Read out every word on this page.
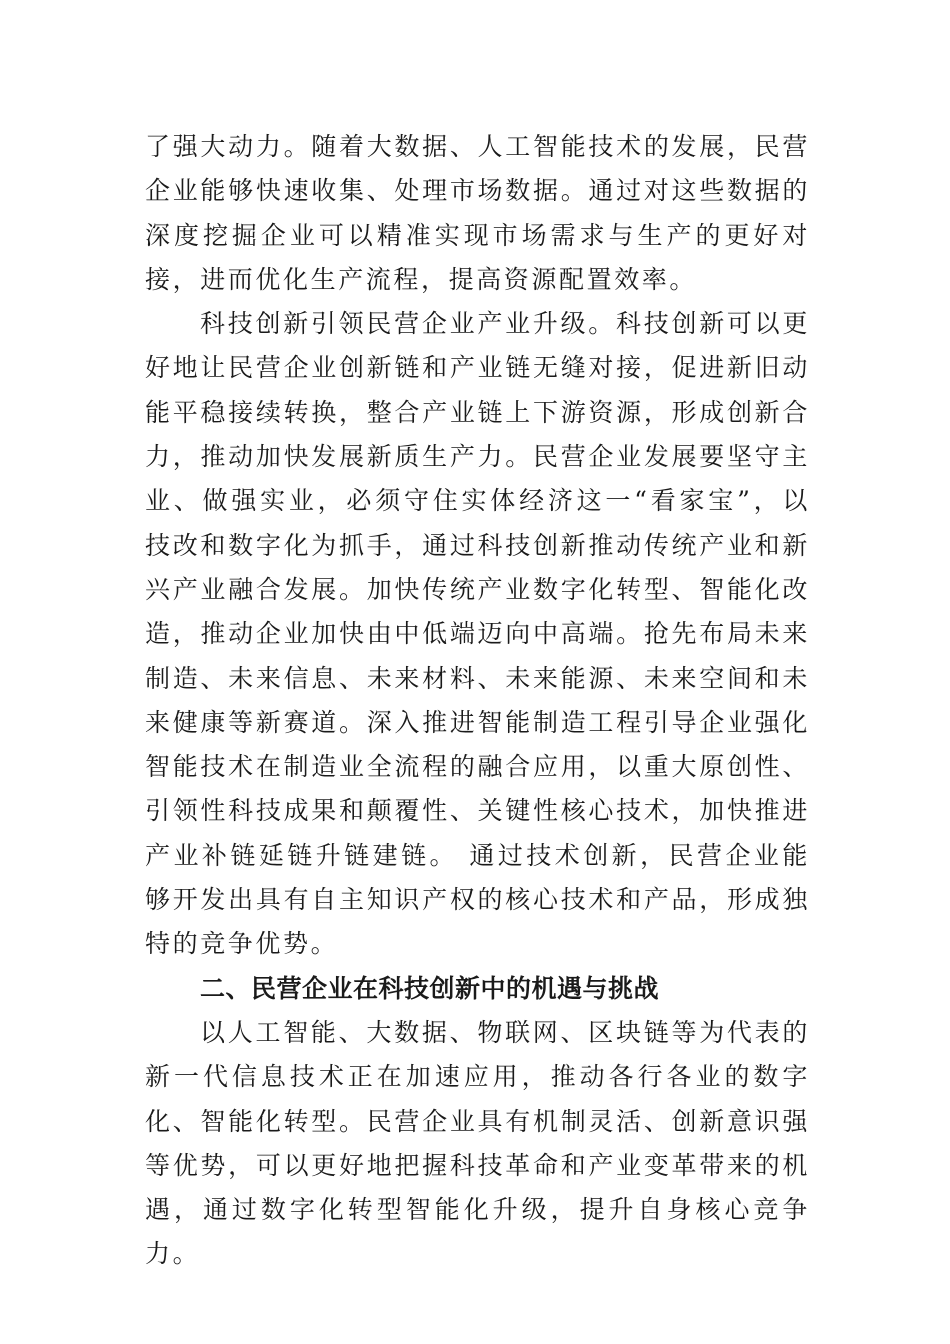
了强大动力。随着大数据、人工智能技术的发展，民营企业能够快速收集、处理市场数据。通过对这些数据的深度挖掘企业可以精准实现市场需求与生产的更好对接，进而优化生产流程，提高资源配置效率。

科技创新引领民营企业产业升级。科技创新可以更好地让民营企业创新链和产业链无缝对接，促进新旧动能平稳接续转换，整合产业链上下游资源，形成创新合力，推动加快发展新质生产力。民营企业发展要坚守主业、做强实业，必须守住实体经济这一“看家宝”，以技改和数字化为抓手，通过科技创新推动传统产业和新兴产业融合发展。加快传统产业数字化转型、智能化改造，推动企业加快由中低端迈向中高端。抢先布局未来制造、未来信息、未来材料、未来能源、未来空间和未来健康等新赛道。深入推进智能制造工程引导企业强化智能技术在制造业全流程的融合应用，以重大原创性、引领性科技成果和颠覆性、关键性核心技术，加快推进产业补链延链升链建链。 通过技术创新，民营企业能够开发出具有自主知识产权的核心技术和产品，形成独特的竞争优势。

二、民营企业在科技创新中的机遇与挑战

以人工智能、大数据、物联网、区块链等为代表的新一代信息技术正在加速应用，推动各行各业的数字化、智能化转型。民营企业具有机制灵活、创新意识强等优势，可以更好地把握科技革命和产业变革带来的机遇，通过数字化转型智能化升级，提升自身核心竞争力。
